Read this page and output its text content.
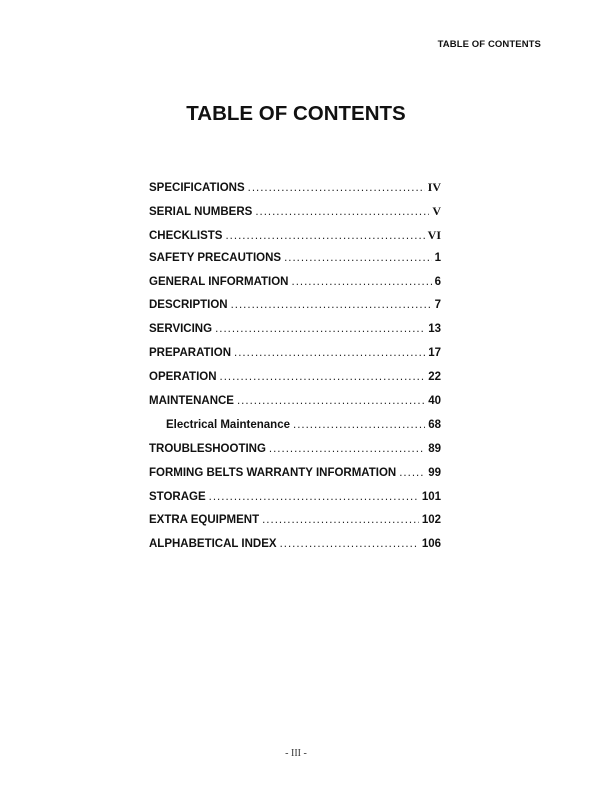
TABLE OF CONTENTS
TABLE OF CONTENTS
SPECIFICATIONS .....	IV
SERIAL NUMBERS .....	V
CHECKLISTS .....	VI
SAFETY PRECAUTIONS .....	1
GENERAL INFORMATION .....	6
DESCRIPTION .....	7
SERVICING .....	13
PREPARATION .....	17
OPERATION .....	22
MAINTENANCE .....	40
Electrical Maintenance .....	68
TROUBLESHOOTING .....	89
FORMING BELTS WARRANTY INFORMATION .....	99
STORAGE .....	101
EXTRA EQUIPMENT .....	102
ALPHABETICAL INDEX .....	106
- III -
